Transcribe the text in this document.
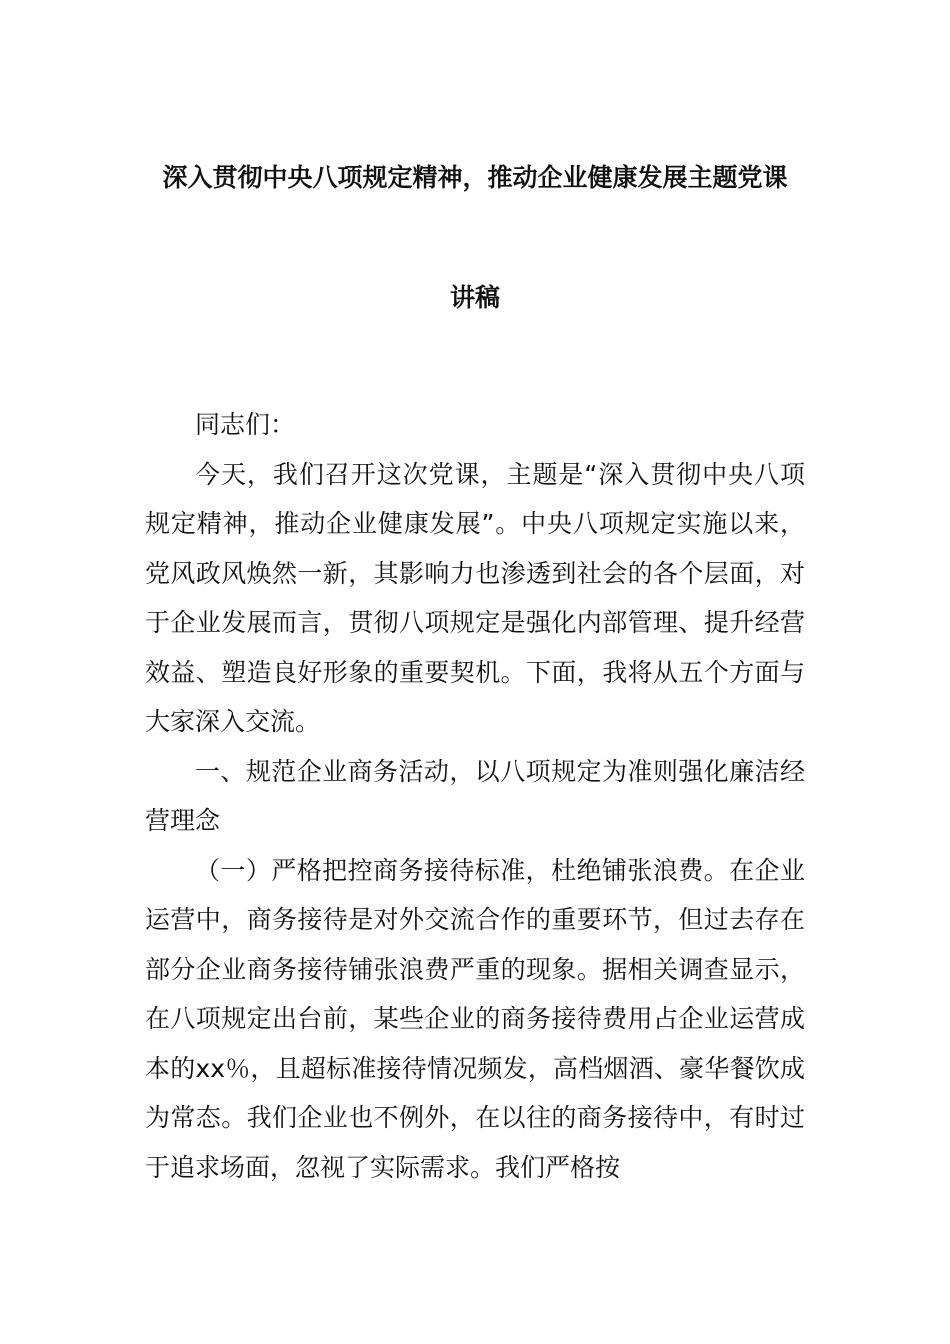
深入贯彻中央八项规定精神，推动企业健康发展主题党课
讲稿

同志们：

今天，我们召开这次党课，主题是“深入贯彻中央八项规定精神，推动企业健康发展”。中央八项规定实施以来，党风政风焕然一新，其影响力也渗透到社会的各个层面，对于企业发展而言，贯彻八项规定是强化内部管理、提升经营效益、塑造良好形象的重要契机。下面，我将从五个方面与大家深入交流。

一、规范企业商务活动，以八项规定为准则强化廉洁经营理念

（一）严格把控商务接待标准，杜绝铺张浪费。在企业运营中，商务接待是对外交流合作的重要环节，但过去存在部分企业商务接待铺张浪费严重的现象。据相关调查显示，在八项规定出台前，某些企业的商务接待费用占企业运营成本的xx％，且超标准接待情况频发，高档烟酒、豪华餐饮成为常态。我们企业也不例外，在以往的商务接待中，有时过于追求场面，忽视了实际需求。我们严格按
